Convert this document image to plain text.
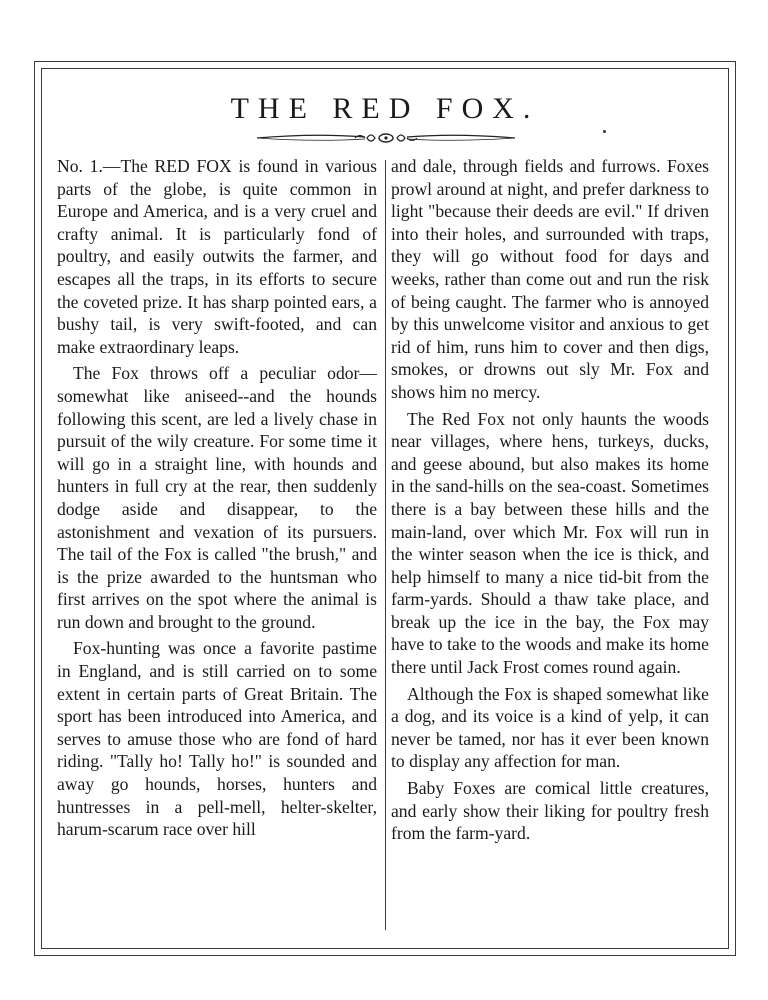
THE RED FOX.

No. 1.—The RED FOX is found in various parts of the globe, is quite common in Europe and America, and is a very cruel and crafty animal. It is particularly fond of poultry, and easily outwits the farmer, and escapes all the traps, in its efforts to secure the coveted prize. It has sharp pointed ears, a bushy tail, is very swift-footed, and can make extraordinary leaps.

The Fox throws off a peculiar odor—somewhat like aniseed--and the hounds following this scent, are led a lively chase in pursuit of the wily creature. For some time it will go in a straight line, with hounds and hunters in full cry at the rear, then suddenly dodge aside and disappear, to the astonishment and vexation of its pursuers. The tail of the Fox is called "the brush," and is the prize awarded to the huntsman who first arrives on the spot where the animal is run down and brought to the ground.

Fox-hunting was once a favorite pastime in England, and is still carried on to some extent in certain parts of Great Britain. The sport has been introduced into America, and serves to amuse those who are fond of hard riding. "Tally ho! Tally ho!" is sounded and away go hounds, horses, hunters and huntresses in a pell-mell, helter-skelter, harum-scarum race over hill

and dale, through fields and furrows. Foxes prowl around at night, and prefer darkness to light "because their deeds are evil." If driven into their holes, and surrounded with traps, they will go without food for days and weeks, rather than come out and run the risk of being caught. The farmer who is annoyed by this unwelcome visitor and anxious to get rid of him, runs him to cover and then digs, smokes, or drowns out sly Mr. Fox and shows him no mercy.

The Red Fox not only haunts the woods near villages, where hens, turkeys, ducks, and geese abound, but also makes its home in the sand-hills on the sea-coast. Sometimes there is a bay between these hills and the main-land, over which Mr. Fox will run in the winter season when the ice is thick, and help himself to many a nice tid-bit from the farm-yards. Should a thaw take place, and break up the ice in the bay, the Fox may have to take to the woods and make its home there until Jack Frost comes round again.

Although the Fox is shaped somewhat like a dog, and its voice is a kind of yelp, it can never be tamed, nor has it ever been known to display any affection for man.

Baby Foxes are comical little creatures, and early show their liking for poultry fresh from the farm-yard.
